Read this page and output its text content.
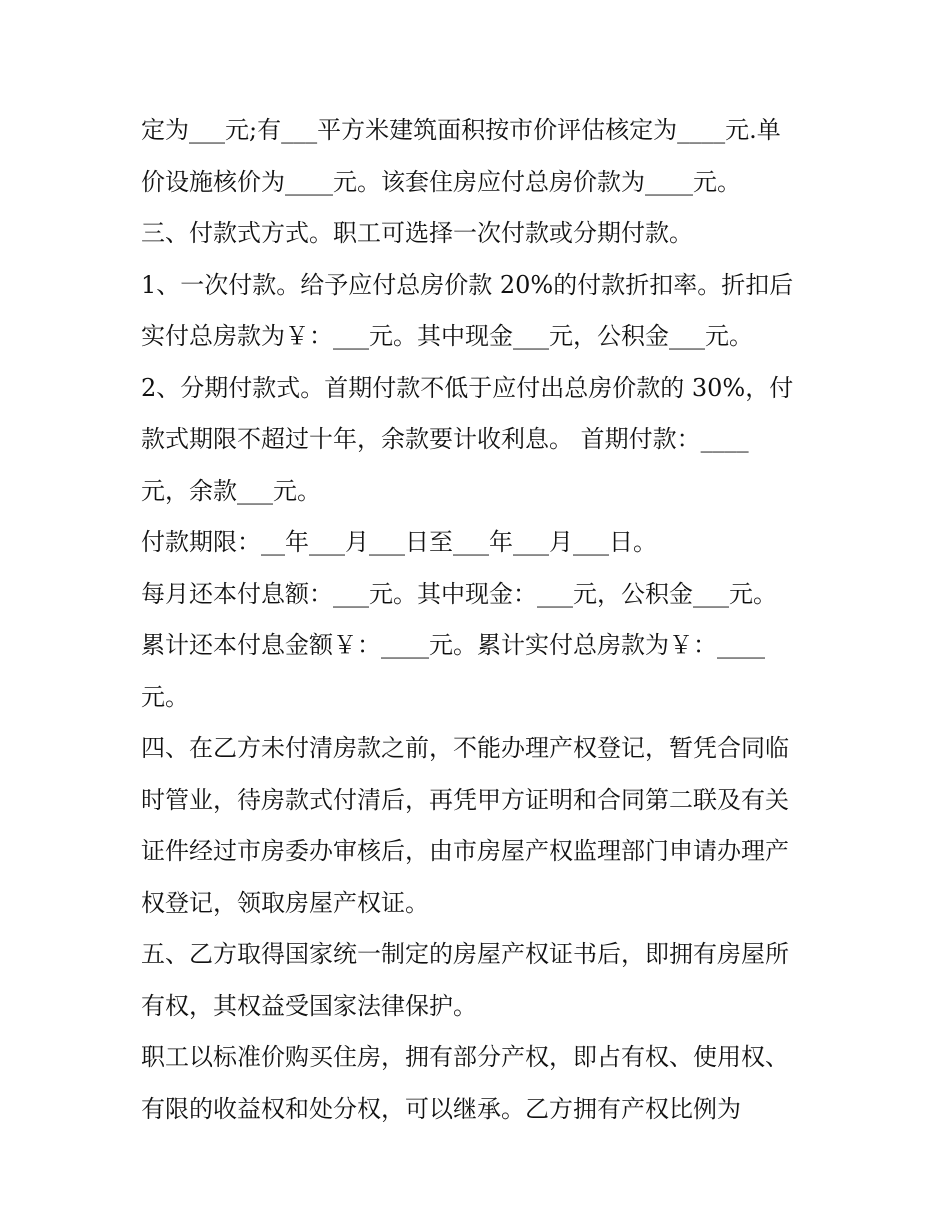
定为___元;有___平方米建筑面积按市价评估核定为____元.单
价设施核价为____元。该套住房应付总房价款为____元。
三、付款式方式。职工可选择一次付款或分期付款。
1、一次付款。给予应付总房价款 20%的付款折扣率。折扣后
实付总房款为￥：___元。其中现金___元，公积金___元。
2、分期付款式。首期付款不低于应付出总房价款的 30%，付
款式期限不超过十年，余款要计收利息。 首期付款：____
元，余款___元。
付款期限：__年___月___日至___年___月___日。
每月还本付息额：___元。其中现金：___元，公积金___元。
累计还本付息金额￥：____元。累计实付总房款为￥：____
元。
四、在乙方未付清房款之前，不能办理产权登记，暂凭合同临
时管业，待房款式付清后，再凭甲方证明和合同第二联及有关
证件经过市房委办审核后，由市房屋产权监理部门申请办理产
权登记，领取房屋产权证。
五、乙方取得国家统一制定的房屋产权证书后，即拥有房屋所
有权，其权益受国家法律保护。
职工以标准价购买住房，拥有部分产权，即占有权、使用权、
有限的收益权和处分权，可以继承。乙方拥有产权比例为
